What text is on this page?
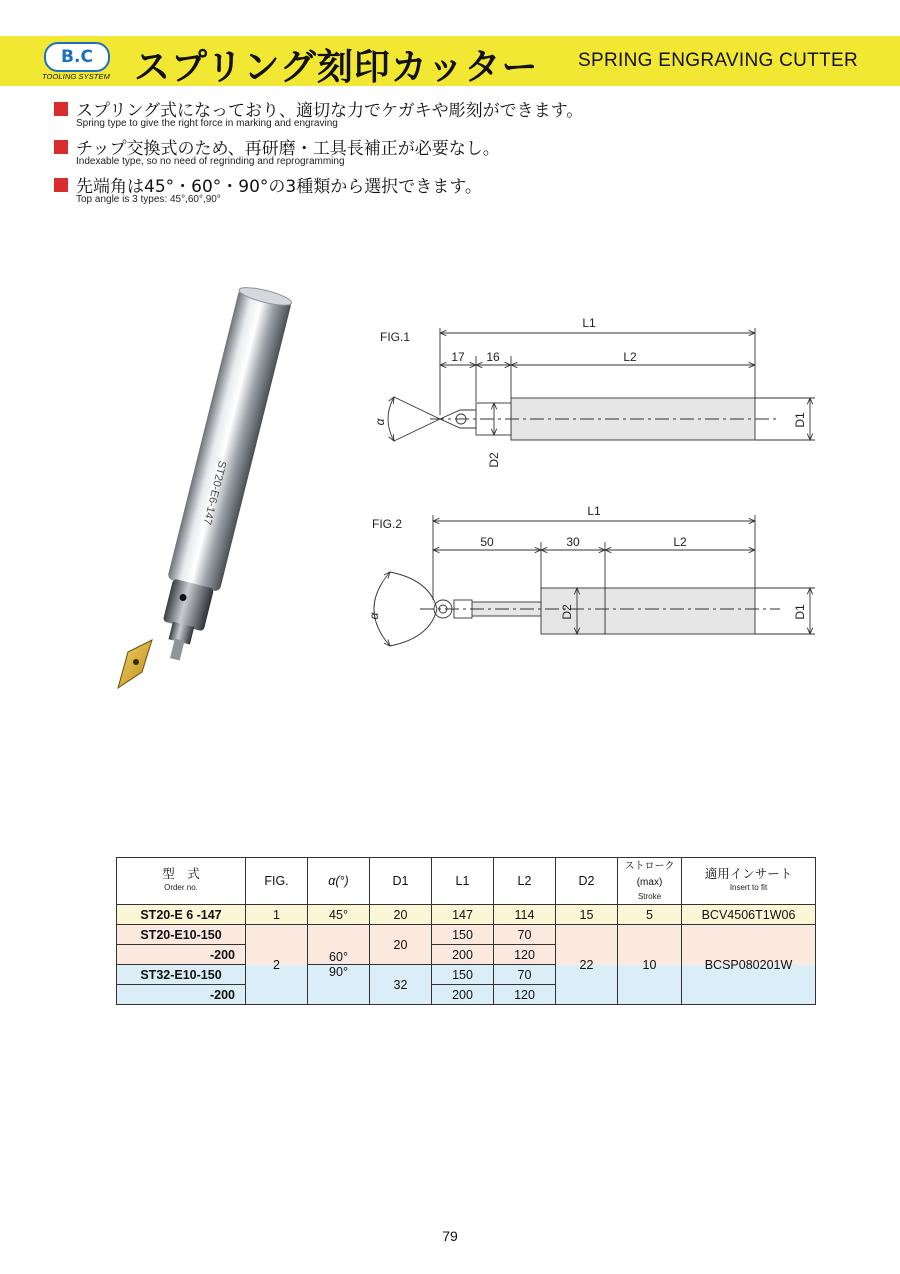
B.C
TOOLING SYSTEM スプリング刻印カッター SPRING ENGRAVING CUTTER
スプリング式になっており、適切な力でケガキや彫刻ができます。
Spring type to give the right force in marking and engraving
チップ交換式のため、再研磨・工具長補正が必要なし。
Indexable type, so no need of regrinding and reprogramming
先端角は45°・60°・90°の3種類から選択できます。
Top angle is 3 types: 45°,60°,90°
ST20-E6-147
FIG.1
L1
17 16	L2
D1
D2
α
FIG.2
L1
50	30	L2
D1
D2
α
型　式
Order no.	FIG.	α(°)	D1	L1	L2	D2	ストローク(max)
Stroke	適用インサート
Insert to fit

ST20-E 6 -147	1	45°	20	147	114	15	5	BCV4506T1W06
ST20-E10-150	2	60°	20	150	70	22	10	BCSP080201W
-200				200	120			
ST32-E10-150		90°	32	150	70			
-200				200	120			
79
